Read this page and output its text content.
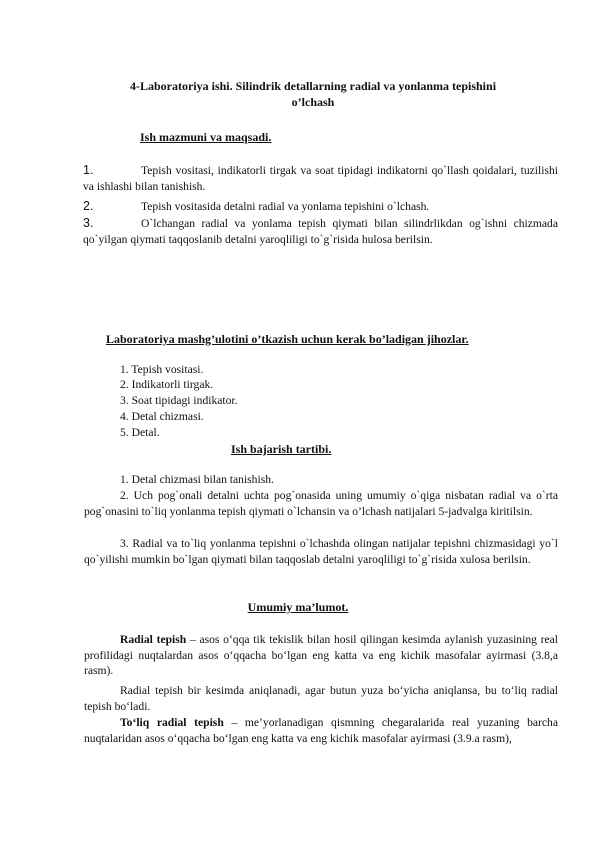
4-Laboratoriya ishi. Silindrik detallarning radial va yonlanma tepishini
o’lchash
Ish mazmuni va maqsadi.
1.	Tepish vositasi, indikatorli tirgak va soat tipidagi indikatorni qo`llash qoidalari, tuzilishi va ishlashi bilan tanishish.

2.	Tepish vositasida detalni radial va yonlama tepishini o`lchash.

3.	O`lchangan radial va yonlama tepish qiymati bilan silindrlikdan og`ishni chizmada qo`yilgan qiymati taqqoslanib detalni yaroqliligi to`g`risida hulosa berilsin.

Laboratoriya mashg’ulotini o’tkazish uchun kerak bo’ladigan jihozlar.
1. Tepish vositasi.
2. Indikatorli tirgak.
3. Soat tipidagi indikator.
4. Detal chizmasi.
5. Detal.
Ish bajarish tartibi.
1. Detal chizmasi bilan tanishish.

2. Uch pog`onali detalni uchta pog`onasida uning umumiy o`qiga nisbatan radial va o`rta pog`onasini to`liq yonlanma tepish qiymati o`lchansin va o’lchash natijalari 5-jadvalga kiritilsin.

3. Radial va to`liq yonlanma tepishni o`lchashda olingan natijalar tepishni chizmasidagi yo`l qo`yilishi mumkin bo`lgan qiymati bilan taqqoslab detalni yaroqliligi to`g`risida xulosa berilsin.

Umumiy ma’lumot.

Radial tepish – asos o‘qqa tik tekislik bilan hosil qilingan kesimda aylanish yuzasining real profilidagi nuqtalardan asos o‘qqacha bo‘lgan eng katta va eng kichik masofalar ayirmasi (3.8,a rasm).

Radial tepish bir kesimda aniqlanadi, agar butun yuza bo‘yicha aniqlansa, bu to‘liq radial tepish bo‘ladi.

To‘liq radial tepish – me’yorlanadigan qismning chegaralarida real yuzaning barcha nuqtalaridan asos o‘qqacha bo‘lgan eng katta va eng kichik masofalar ayirmasi (3.9.a rasm),
